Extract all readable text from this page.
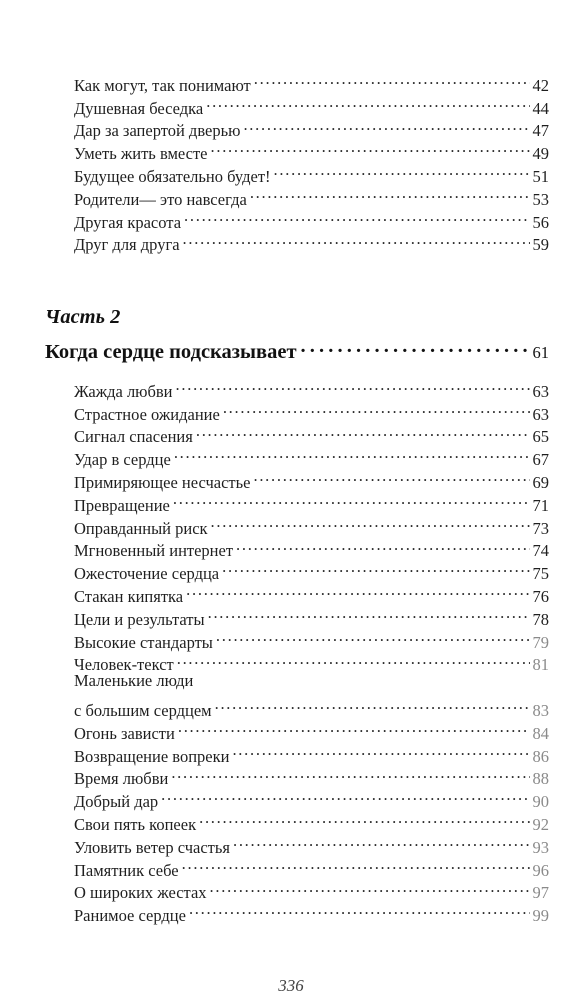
Как могут, так понимают . . .	42
Душевная беседка . . .	44
Дар за запертой дверью . . .	47
Уметь жить вместе . . .	49
Будущее обязательно будет! . . .	51
Родители— это навсегда . . .	53
Другая красота . . .	56
Друг для друга . . .	59
Часть 2
Когда сердце подсказывает . . .	61
Жажда любви . . .	63
Страстное ожидание . . .	63
Сигнал спасения . . .	65
Удар в сердце . . .	67
Примиряющее несчастье . . .	69
Превращение . . .	71
Оправданный риск . . .	73
Мгновенный интернет . . .	74
Ожесточение сердца . . .	75
Стакан кипятка . . .	76
Цели и результаты . . .	78
Высокие стандарты . . .	79
Человек-текст . . .	81
Маленькие люди
с большим сердцем . . .	83
Огонь зависти . . .	84
Возвращение вопреки . . .	86
Время любви . . .	88
Добрый дар . . .	90
Свои пять копеек . . .	92
Уловить ветер счастья . . .	93
Памятник себе . . .	96
О широких жестах . . .	97
Ранимое сердце . . .	99
336
